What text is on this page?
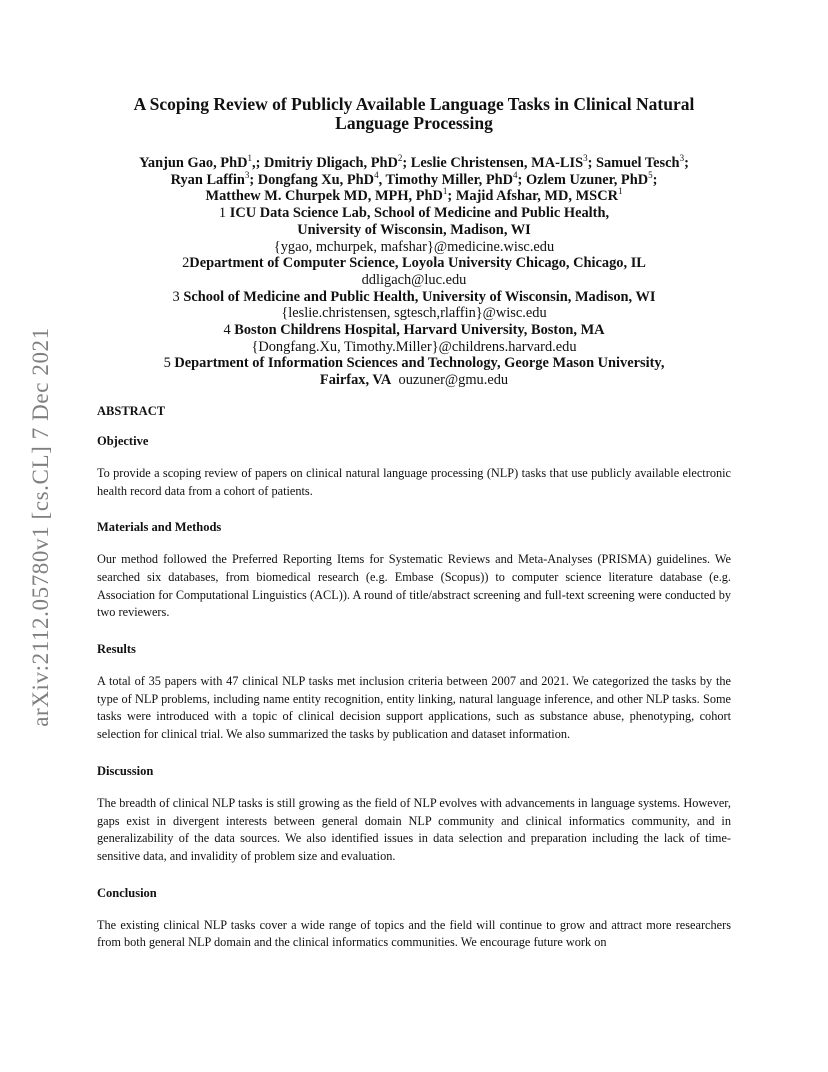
arXiv:2112.05780v1 [cs.CL] 7 Dec 2021
A Scoping Review of Publicly Available Language Tasks in Clinical Natural
Language Processing
Yanjun Gao, PhD$^1$,; Dmitriy Dligach, PhD$^2$; Leslie Christensen, MA-LIS$^3$; Samuel Tesch$^3$;
Ryan Laffin$^3$; Dongfang Xu, PhD$^4$, Timothy Miller, PhD$^4$; Ozlem Uzuner, PhD$^5$;
Matthew M. Churpek MD, MPH, PhD$^1$; Majid Afshar, MD, MSCR$^1$
1 ICU Data Science Lab, School of Medicine and Public Health,
University of Wisconsin, Madison, WI
{ygao, mchurpek, mafshar}@medicine.wisc.edu
2Department of Computer Science, Loyola University Chicago, Chicago, IL
ddligach@luc.edu
3 School of Medicine and Public Health, University of Wisconsin, Madison, WI
{leslie.christensen, sgtesch,rlaffin}@wisc.edu
4 Boston Childrens Hospital, Harvard University, Boston, MA
{Dongfang.Xu, Timothy.Miller}@childrens.harvard.edu
5 Department of Information Sciences and Technology, George Mason University,
Fairfax, VA ouzuner@gmu.edu
ABSTRACT
Objective

To provide a scoping review of papers on clinical natural language processing (NLP) tasks that use publicly available electronic health record data from a cohort of patients.

Materials and Methods

Our method followed the Preferred Reporting Items for Systematic Reviews and Meta-Analyses (PRISMA) guidelines. We searched six databases, from biomedical research (e.g. Embase (Scopus)) to computer science literature database (e.g. Association for Computational Linguistics (ACL)). A round of title/abstract screening and full-text screening were conducted by two reviewers.

Results

A total of 35 papers with 47 clinical NLP tasks met inclusion criteria between 2007 and 2021. We categorized the tasks by the type of NLP problems, including name entity recognition, entity linking, natural language inference, and other NLP tasks. Some tasks were introduced with a topic of clinical decision support applications, such as substance abuse, phenotyping, cohort selection for clinical trial. We also summarized the tasks by publication and dataset information.

Discussion

The breadth of clinical NLP tasks is still growing as the field of NLP evolves with advancements in language systems. However, gaps exist in divergent interests between general domain NLP community and clinical informatics community, and in generalizability of the data sources. We also identified issues in data selection and preparation including the lack of time-sensitive data, and invalidity of problem size and evaluation.

Conclusion

The existing clinical NLP tasks cover a wide range of topics and the field will continue to grow and attract more researchers from both general NLP domain and the clinical informatics communities. We encourage future work on
